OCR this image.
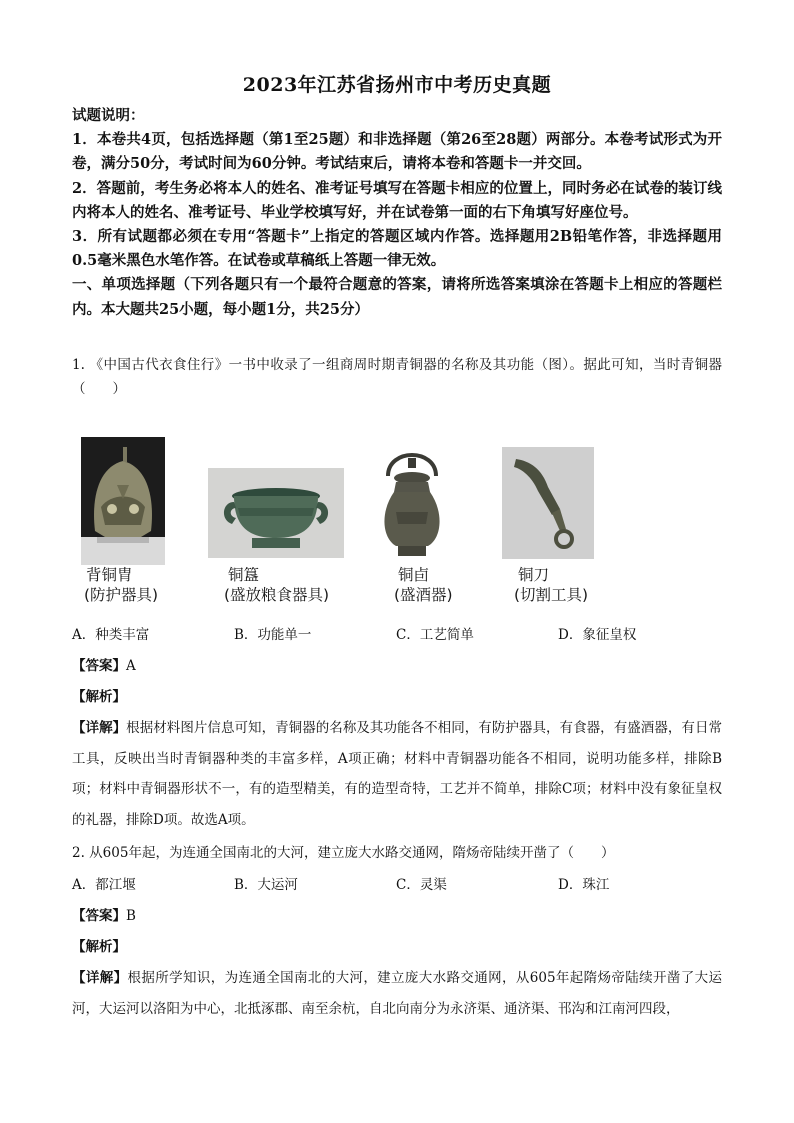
2023年江苏省扬州市中考历史真题

试题说明：

1．本卷共4页，包括选择题（第1至25题）和非选择题（第26至28题）两部分。本卷考试形式为开卷，满分50分，考试时间为60分钟。考试结束后，请将本卷和答题卡一并交回。

2．答题前，考生务必将本人的姓名、准考证号填写在答题卡相应的位置上，同时务必在试卷的装订线内将本人的姓名、准考证号、毕业学校填写好，并在试卷第一面的右下角填写好座位号。

3．所有试题都必须在专用“答题卡”上指定的答题区域内作答。选择题用2B铅笔作答，非选择题用0.5毫米黑色水笔作答。在试卷或草稿纸上答题一律无效。

一、单项选择题（下列各题只有一个最符合题意的答案，请将所选答案填涂在答题卡上相应的答题栏内。本大题共25小题，每小题1分，共25分）

1. 《中国古代衣食住行》一书中收录了一组商周时期青铜器的名称及其功能（图）。据此可知，当时青铜器（　　）

背铜胄
(防护器具)
铜簋
(盛放粮食器具)
铜卣
(盛酒器)
铜刀
(切割工具)
A．种类丰富	B．功能单一	C．工艺简单	D．象征皇权
【答案】A
【解析】

【详解】根据材料图片信息可知，青铜器的名称及其功能各不相同，有防护器具，有食器，有盛酒器，有日常工具，反映出当时青铜器种类的丰富多样，A项正确；材料中青铜器功能各不相同，说明功能多样，排除B项；材料中青铜器形状不一，有的造型精美，有的造型奇特，工艺并不简单，排除C项；材料中没有象征皇权的礼器，排除D项。故选A项。

2. 从605年起，为连通全国南北的大河，建立庞大水路交通网，隋炀帝陆续开凿了（　　）

A．都江堰	B．大运河	C．灵渠	D．珠江
【答案】B
【解析】

【详解】根据所学知识，为连通全国南北的大河，建立庞大水路交通网，从605年起隋炀帝陆续开凿了大运河，大运河以洛阳为中心，北抵涿郡、南至余杭，自北向南分为永济渠、通济渠、邗沟和江南河四段，
